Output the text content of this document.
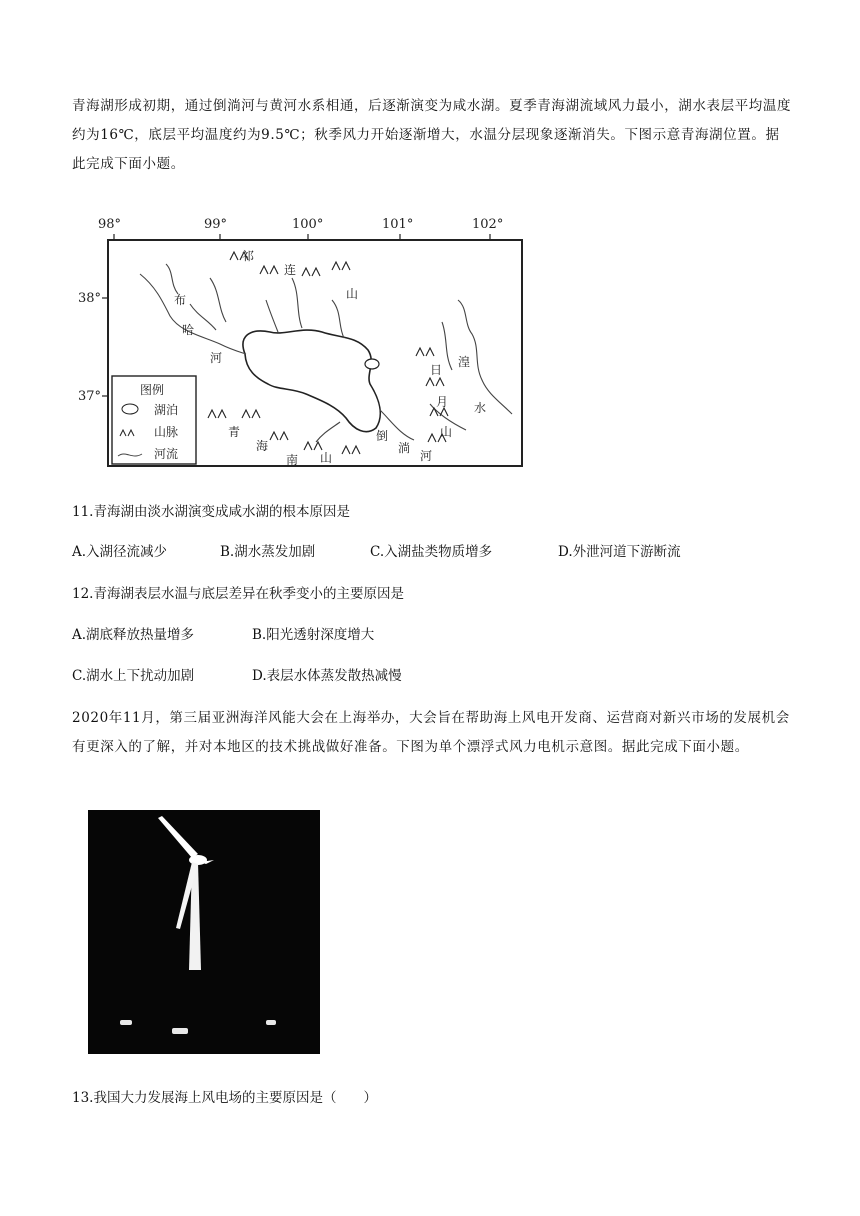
青海湖形成初期，通过倒淌河与黄河水系相通，后逐渐演变为咸水湖。夏季青海湖流域风力最小，湖水表层平均温度约为16℃，底层平均温度约为9.5℃；秋季风力开始逐渐增大，水温分层现象逐渐消失。下图示意青海湖位置。据此完成下面小题。

98°	99°	100°	101°	102°
38°
37°
祁
连
山
布
哈
河
青
海
南 山
倒
淌
河
日
月
山
湟
水
图例
湖泊
山脉
河流

11.青海湖由淡水湖演变成咸水湖的根本原因是

A.入湖径流减少	B.湖水蒸发加剧	C.入湖盐类物质增多	D.外泄河道下游断流

12.青海湖表层水温与底层差异在秋季变小的主要原因是

A.湖底释放热量增多	B.阳光透射深度增大
C.湖水上下扰动加剧	D.表层水体蒸发散热减慢

2020年11月，第三届亚洲海洋风能大会在上海举办，大会旨在帮助海上风电开发商、运营商对新兴市场的发展机会有更深入的了解，并对本地区的技术挑战做好准备。下图为单个漂浮式风力电机示意图。据此完成下面小题。

13.我国大力发展海上风电场的主要原因是（　　）
